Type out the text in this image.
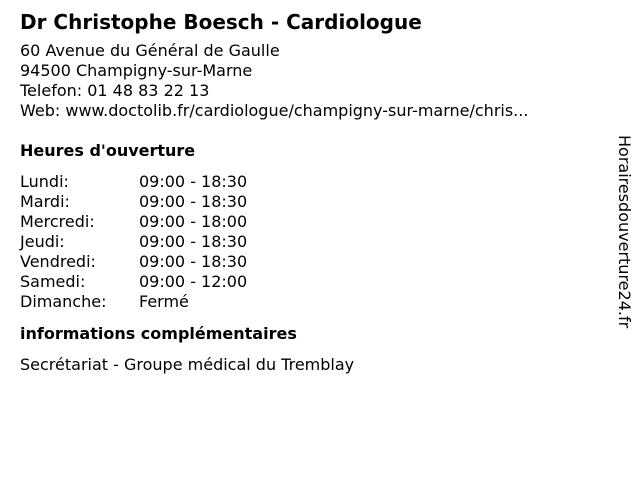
Dr Christophe Boesch - Cardiologue
60 Avenue du Général de Gaulle
94500 Champigny-sur-Marne
Telefon: 01 48 83 22 13
Web: www.doctolib.fr/cardiologue/champigny-sur-marne/chris...
Heures d'ouverture
Lundi:	09:00 - 18:30
Mardi:	09:00 - 18:30
Mercredi:	09:00 - 18:00
Jeudi:	09:00 - 18:30
Vendredi:	09:00 - 18:30
Samedi:	09:00 - 12:00
Dimanche:	Fermé
informations complémentaires
Secrétariat - Groupe médical du Tremblay
Horairesdouverture24.fr
